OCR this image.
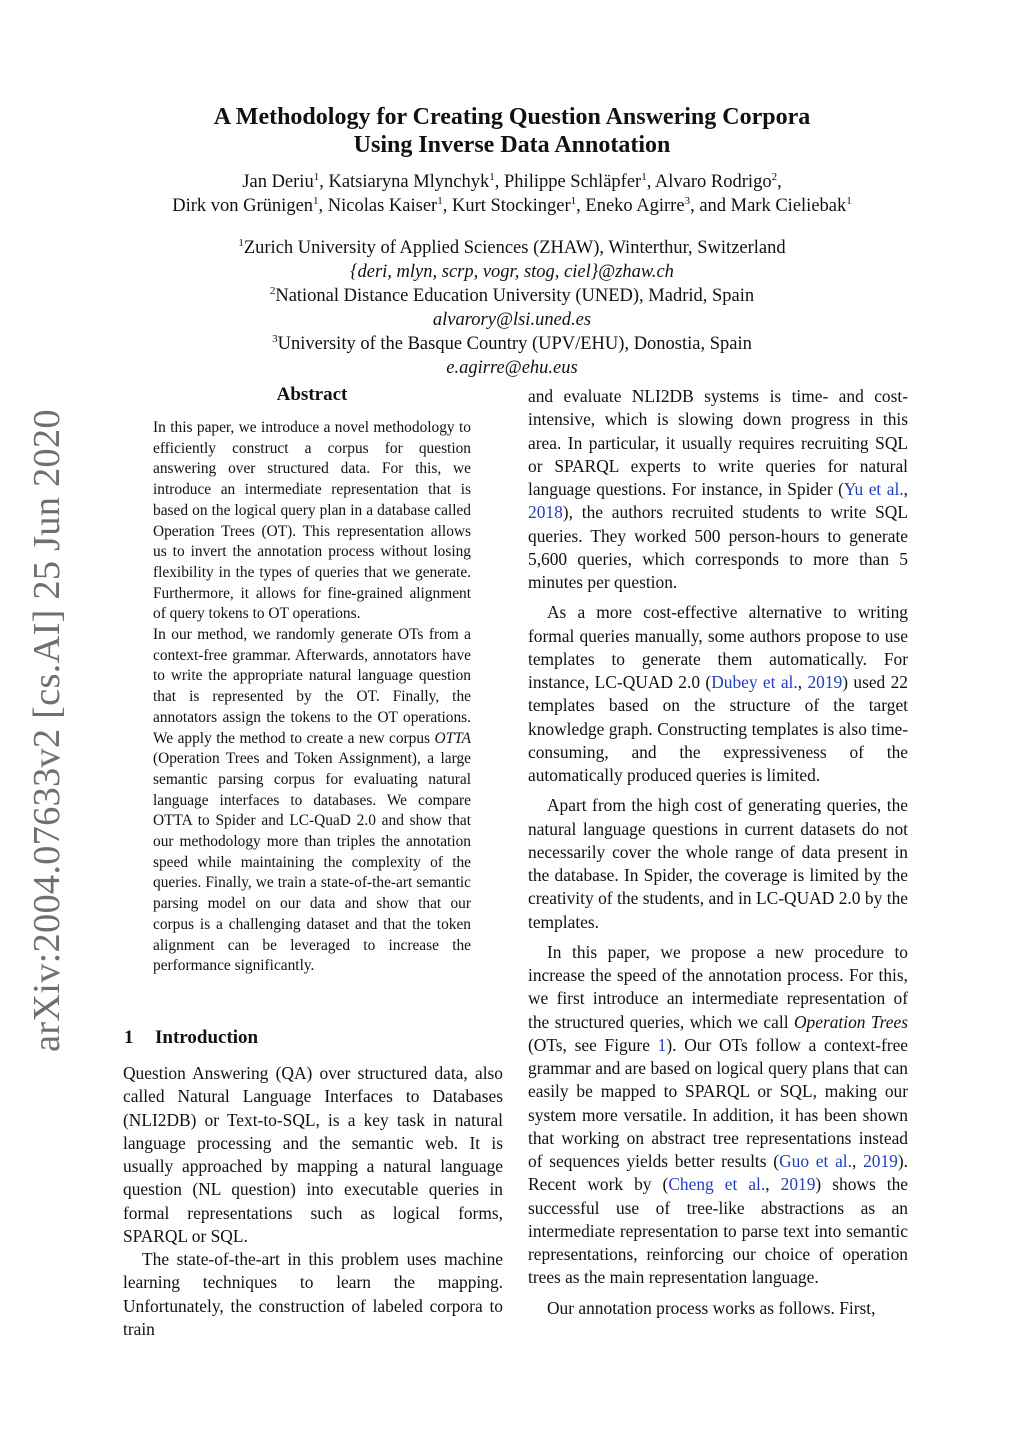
arXiv:2004.07633v2 [cs.AI] 25 Jun 2020
A Methodology for Creating Question Answering Corpora
Using Inverse Data Annotation
Jan Deriu$^1$, Katsiaryna Mlynchyk$^1$, Philippe Schläpfer$^1$, Alvaro Rodrigo$^2$,
Dirk von Grünigen$^1$, Nicolas Kaiser$^1$, Kurt Stockinger$^1$, Eneko Agirre$^3$, and Mark Cieliebak$^1$
$^1$Zurich University of Applied Sciences (ZHAW), Winterthur, Switzerland
{deri, mlyn, scrp, vogr, stog, ciel}@zhaw.ch
$^2$National Distance Education University (UNED), Madrid, Spain
alvarory@lsi.uned.es
$^3$University of the Basque Country (UPV/EHU), Donostia, Spain
e.agirre@ehu.eus
Abstract

In this paper, we introduce a novel methodology to efficiently construct a corpus for question answering over structured data. For this, we introduce an intermediate representation that is based on the logical query plan in a database called Operation Trees (OT). This representation allows us to invert the annotation process without losing flexibility in the types of queries that we generate. Furthermore, it allows for fine-grained alignment of query tokens to OT operations.

In our method, we randomly generate OTs from a context-free grammar. Afterwards, annotators have to write the appropriate natural language question that is represented by the OT. Finally, the annotators assign the tokens to the OT operations. We apply the method to create a new corpus OTTA (Operation Trees and Token Assignment), a large semantic parsing corpus for evaluating natural language interfaces to databases. We compare OTTA to Spider and LC-QuaD 2.0 and show that our methodology more than triples the annotation speed while maintaining the complexity of the queries. Finally, we train a state-of-the-art semantic parsing model on our data and show that our corpus is a challenging dataset and that the token alignment can be leveraged to increase the performance significantly.

1 Introduction

Question Answering (QA) over structured data, also called Natural Language Interfaces to Databases (NLI2DB) or Text-to-SQL, is a key task in natural language processing and the semantic web. It is usually approached by mapping a natural language question (NL question) into executable queries in formal representations such as logical forms, SPARQL or SQL.

The state-of-the-art in this problem uses machine learning techniques to learn the mapping. Unfortunately, the construction of labeled corpora to train

and evaluate NLI2DB systems is time- and cost-intensive, which is slowing down progress in this area. In particular, it usually requires recruiting SQL or SPARQL experts to write queries for natural language questions. For instance, in Spider (Yu et al., 2018), the authors recruited students to write SQL queries. They worked 500 person-hours to generate 5,600 queries, which corresponds to more than 5 minutes per question.

As a more cost-effective alternative to writing formal queries manually, some authors propose to use templates to generate them automatically. For instance, LC-QUAD 2.0 (Dubey et al., 2019) used 22 templates based on the structure of the target knowledge graph. Constructing templates is also time-consuming, and the expressiveness of the automatically produced queries is limited.

Apart from the high cost of generating queries, the natural language questions in current datasets do not necessarily cover the whole range of data present in the database. In Spider, the coverage is limited by the creativity of the students, and in LC-QUAD 2.0 by the templates.

In this paper, we propose a new procedure to increase the speed of the annotation process. For this, we first introduce an intermediate representation of the structured queries, which we call Operation Trees (OTs, see Figure 1). Our OTs follow a context-free grammar and are based on logical query plans that can easily be mapped to SPARQL or SQL, making our system more versatile. In addition, it has been shown that working on abstract tree representations instead of sequences yields better results (Guo et al., 2019). Recent work by (Cheng et al., 2019) shows the successful use of tree-like abstractions as an intermediate representation to parse text into semantic representations, reinforcing our choice of operation trees as the main representation language.

Our annotation process works as follows. First,
